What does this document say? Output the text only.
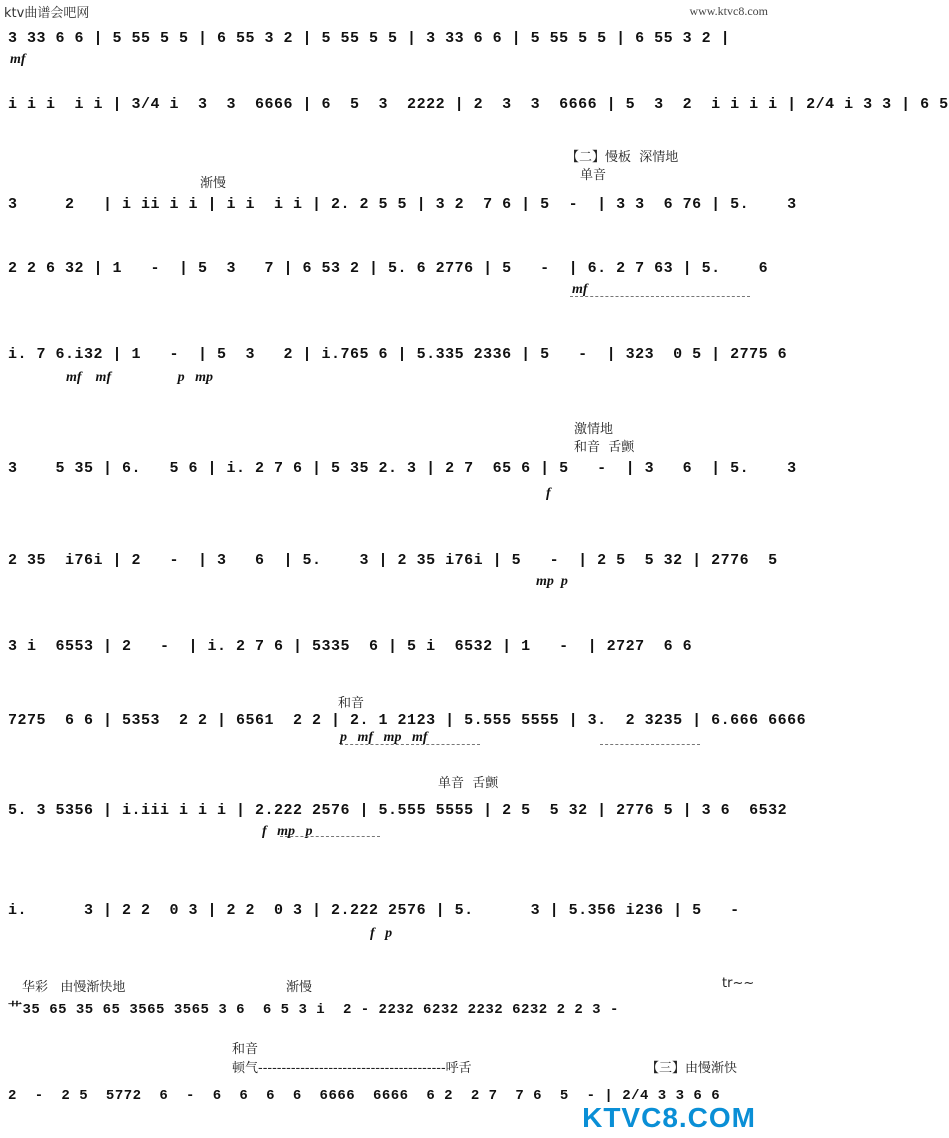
ktv曲谱会吧网	www.ktvc8.com
【二】慢板  深情地
单音
渐慢
激情地
和音  舌颤
和音
单音  舌颤
华彩   由慢渐快地	渐慢	tr~~
和音
顿气----------------------------------------呼舌	【三】由慢渐快
3 33 6 6 | 5 55 5 5 | 6 55 3 2 | 5 55 5 5 | 3 33 6 6 | 5 55 5 5 | 6 55 3 2 |
mf
i i i  i i | 3/4 i  3  3  6666 | 6  5  3  2222 | 2  3  3  6666 | 5  3  2  i i i i | 2/4 i 3 3 | 6 5
3     2   | i ii i i | i i  i i | 2. 2 5 5 | 3 2  7 6 | 5  -  | 3 3  6 76 | 5.    3
2 2 6 32 | 1   -  | 5  3   7 | 6 53 2 | 5. 6 2776 | 5   -  | 6. 2 7 63 | 5.    6
mf
i. 7 6.i32 | 1   -  | 5  3   2 | i.765 6 | 5.335 2336 | 5   -  | 323  0 5 | 2775 6
mf    mf                   p   mp
3    5 35 | 6.   5 6 | i. 2 7 6 | 5 35 2. 3 | 2 7  65 6 | 5   -  | 3   6  | 5.    3
f
2 35  i76i | 2   -  | 3   6  | 5.    3 | 2 35 i76i | 5   -  | 2 5  5 32 | 2776  5
mp  p
3 i  6553 | 2   -  | i. 2 7 6 | 5335  6 | 5 i  6532 | 1   -  | 2727  6 6
7275  6 6 | 5353  2 2 | 6561  2 2 | 2. 1 2123 | 5.555 5555 | 3.  2 3235 | 6.666 6666
p   mf   mp   mf
5. 3 5356 | i.iii i i i | 2.222 2576 | 5.555 5555 | 2 5  5 32 | 2776 5 | 3 6  6532
f   mp   p
i.      3 | 2 2  0 3 | 2 2  0 3 | 2.222 2576 | 5.      3 | 5.356 i236 | 5   -
f   p
艹35 65 35 65 3565 3565 3 6  6 5 3 i  2 - 2232 6232 2232 6232 2 2 3 -
2  -  2 5  5772  6  -  6  6  6  6  6666  6666  6 2  2 7  7 6  5  - | 2/4 3 3 6 6
KTVC8.COM
